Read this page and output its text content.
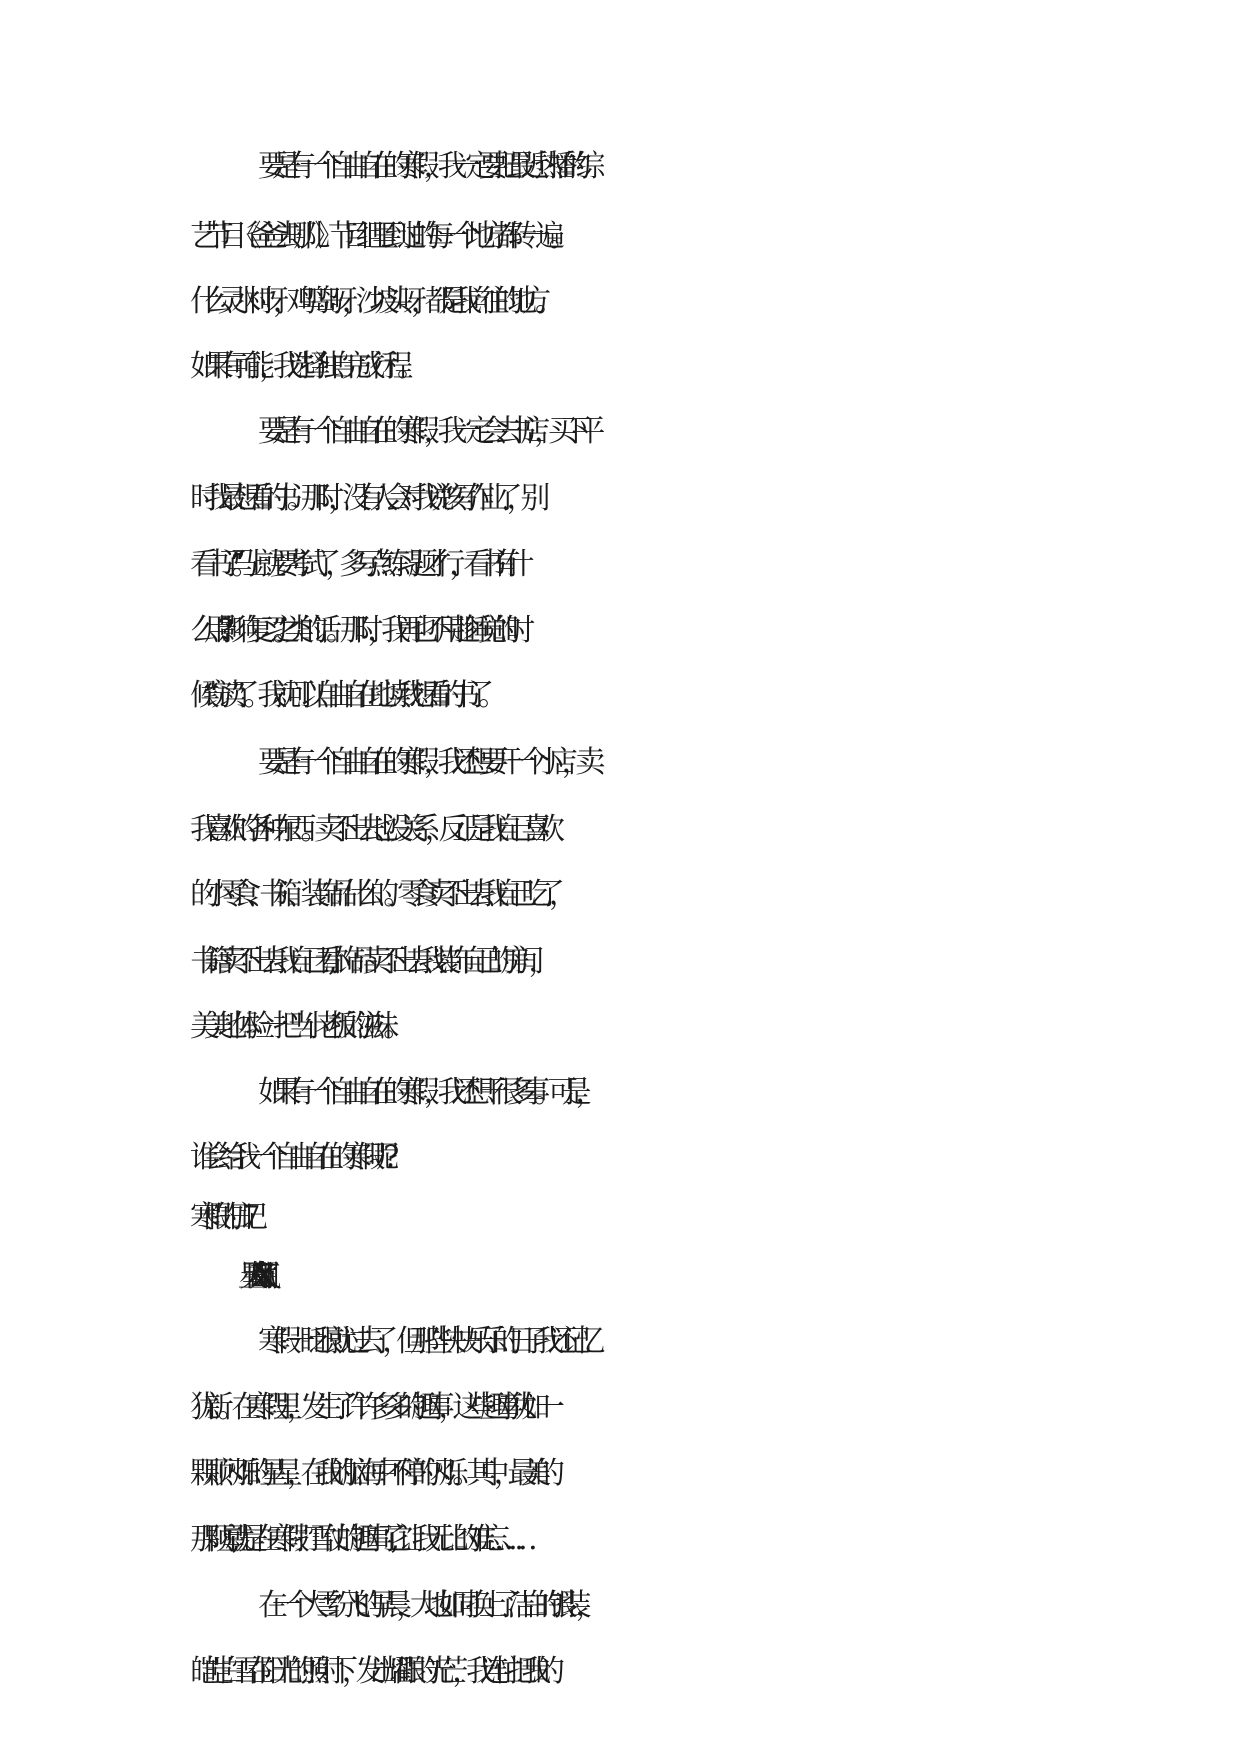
要是有一个自由自在的寒假，我一定要把最近热播的综
艺节目《爸爸去哪儿》节目组里到过的每一个地方都转一遍。
什么灵水村呀，鸡鸣岛呀，沙坡头呀，都是我向往的地方。
如果有可能，我选择独自完成行程。
要是有一个自由自在的寒假，我一定会去书店，买下平
时我最想看的书。那时，没有人会对我说“该写作业了，别
看书了。”“马上就要考试了，多写点练习题才行，看书有什
么用?影响复习。”之类的话。那时，我再也不用趁睡觉的时
候“窃读”了。我就可以自由自在地读我想看的书了。
要是有一个自由自在的寒假，我还想要开一个小店，卖
我喜欢的各种东西。卖不出去也没关系，反正是我自己喜欢
的小零食、书箱、装饰品什么的。零食卖不出去我自己吃了，
书籍卖不出去我自己看,小饰品卖不出去我装饰自己的房间，
美美地体验一把当小老板的滋味。
如果有一个自由自在的寒假，我还想干很多事。可是，
谁会给我一个自由自在的寒假呢?
寒假的日记 7
x 月 x 日  星期 X  天气 X
寒假一眨眼就过去了，但那些快快乐乐的日子我还记忆
犹新。在寒假里，发生了许许多多的趣事，这些趣事犹如一
颗颗闪烁的星星，在我的脑海中不停的闪烁。其中，最美的
那颗星,就是在寒假打雪仗的趣事了,它让我无比的难忘……
在一个大雪纷飞的早晨，大地如同换上了洁白的银装，
皑皑白雪在阳光的照射下，发出耀眼的光芒，我连忙把我的
